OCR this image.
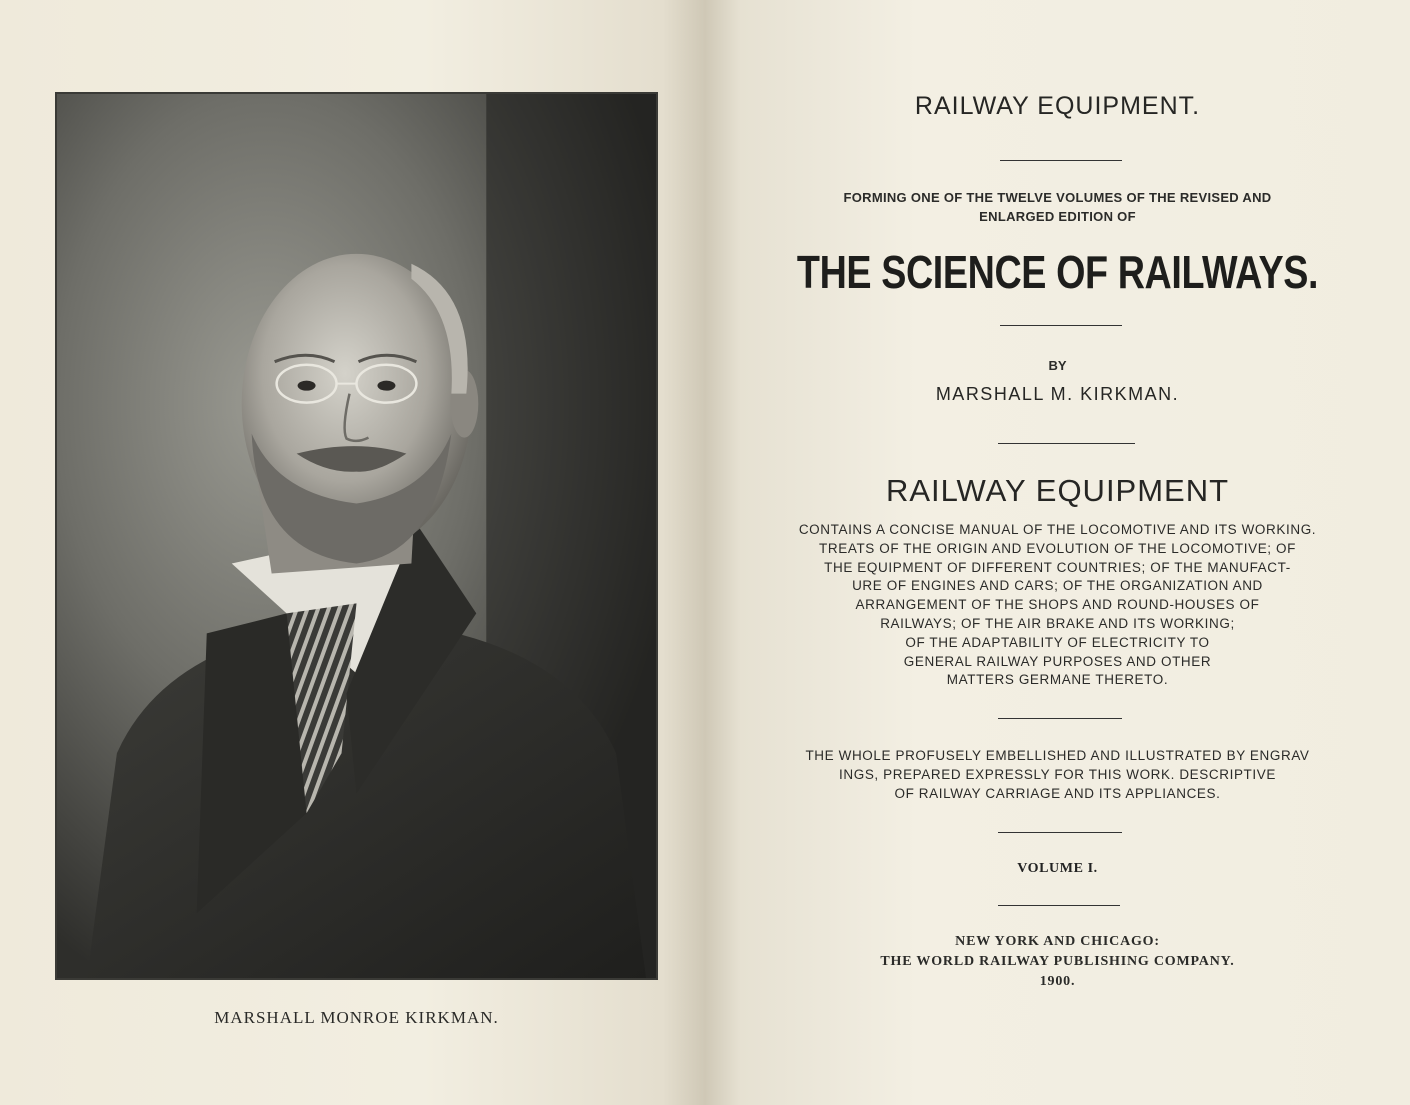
MARSHALL MONROE KIRKMAN.
RAILWAY EQUIPMENT.
FORMING ONE OF THE TWELVE VOLUMES OF THE REVISED AND
ENLARGED EDITION OF
THE SCIENCE OF RAILWAYS.
BY
MARSHALL M. KIRKMAN.
RAILWAY EQUIPMENT
CONTAINS A CONCISE MANUAL OF THE LOCOMOTIVE AND ITS WORKING.
TREATS OF THE ORIGIN AND EVOLUTION OF THE LOCOMOTIVE; OF
THE EQUIPMENT OF DIFFERENT COUNTRIES; OF THE MANUFACT-
URE OF ENGINES AND CARS; OF THE ORGANIZATION AND
ARRANGEMENT OF THE SHOPS AND ROUND-HOUSES OF
RAILWAYS; OF THE AIR BRAKE AND ITS WORKING;
OF THE ADAPTABILITY OF ELECTRICITY TO
GENERAL RAILWAY PURPOSES AND OTHER
MATTERS GERMANE THERETO.
THE WHOLE PROFUSELY EMBELLISHED AND ILLUSTRATED BY ENGRAV
INGS, PREPARED EXPRESSLY FOR THIS WORK. DESCRIPTIVE
OF RAILWAY CARRIAGE AND ITS APPLIANCES.
VOLUME I.
NEW YORK AND CHICAGO:
THE WORLD RAILWAY PUBLISHING COMPANY.
1900.
